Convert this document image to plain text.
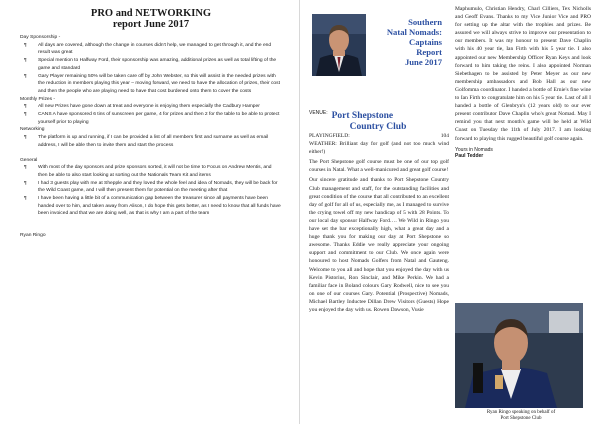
PRO and NETWORKING
report June 2017
Day Sponsorship -
¶ All days are covered, although the change in courses didn't help, we managed to get through it, and the end result was great
¶ Special mention to Halfway Ford, their sponsorship was amazing, additional prizes as well as total lifting of the game and standard
¶ Gary Player remaining 50% will be taken care off by John Webster, so this will assist in the needed prizes with the reduction in members playing this year – moving forward, we need to have the allocation of prizes, their cost and then the people who are playing need to have that cost burdened onto them to cover the costs
Monthly Prizes -
¶ All new Prizes have gone down at treat and everyone is enjoying them especially the Cadbury Hamper
¶ CANS A have sponsored 6 tins of sunscreen per game, 4 for prizes and then 2 for the table to be able to protect yourself prior to playing
Networking
¶ The platform is up and running, if I can be provided a list of all members first and surname as well as email address, I will be able then to invite them and start the process
General
¶ With most of the day sponsors and prize sponsors sorted, it will not be time to Focus on Andrew Mentis, and then be able to also start looking at sorting out the Nationals Team Kit and items
¶ I had 3 guests play with me at Shepple and they loved the whole feel and idea of Nomads, they will be back for the Wild Coast game, and I will then present them for potential on the meeting after that
¶ I have been having a little bit of a communication gap between the treasurer since all payments have been handed over to him, and taken away from Alison, I do hope this gets better, as I need to know that all funds have been invoiced and that we are doing well, as that is why I am a part of the team
Ryan Ringo
Southern
Natal Nomads:
Captains
Report
June 2017
$^{VENUE:}$ Port Shepstone
Country Club
PLAYINGFIELD:	104
WEATHER: Brilliant day for golf (and not too much wind either!)

The Port Shepstone golf course must be one of our top golf courses in Natal. What a well-manicured and great golf course!

Our sincere gratitude and thanks to Port Shepstone Country Club management and staff, for the outstanding facilities and great condition of the course that all contributed to an excellent day of golf for all of us, especially me, as I managed to survive the crying towel off my new handicap of 5 with 28 Points. To our local day sponsor Halfway Ford…. We Wild in Ringo you have set the bar exceptionally high, what a great day and a huge thank you for making our day at Port Shepstone so awesome. Thanks Eddie we really appreciate your ongoing support and commitment to our Club. We once again were honoured to host Nomads Golfers from Natal and Gauteng. Welcome to you all and hope that you enjoyed the day with us Kevin Pistorius, Ron Sinclair, and Mike Perkin. We had a familiar face in Boland colours Gary Rodwell, nice to see you on one of our courses Gary. Potential (Prospective) Nomads, Michael Bartley Inductee Dillan Drew Visitors (Guests) Hope you enjoyed the day with us. Rowen Dawson, Vusie

Maphumulo, Christian Hendry, Charl Cilliers, Tex Nicholls and Geoff Evans. Thanks to my Vice Junior Vice and PRO for setting up the altar with the trophies and prizes. Be assured we will always strive to improve our presentation to our members. It was my honour to present Dave Chaplin with his 40 year tie, Ian Firth with his 5 year tie. I also appointed our new Membership Officer Ryan Keys and look forward to him taking the reins. I also appointed Norman Siebethagen to be assisted by Peter Meyer as our new membership ambassadors and Bob Hall as our new Golfomma coordinator. I handed a bottle of Ernie's fine wine to Ian Firth to congratulate him on his 5 year tie. Last of all I handed a bottle of Glenbryn's (12 years old) to our ever present contributor Dave Chaplin who's great Nomad. May I remind you that next month's game will be held at Wild Coast on Tuesday the 11th of July 2017. I am looking forward to playing this rugged beautiful golf course again.
Yours in Nomads
Paul Tedder
Ryan Ringo speaking on behalf of
Port Shepstone Club
